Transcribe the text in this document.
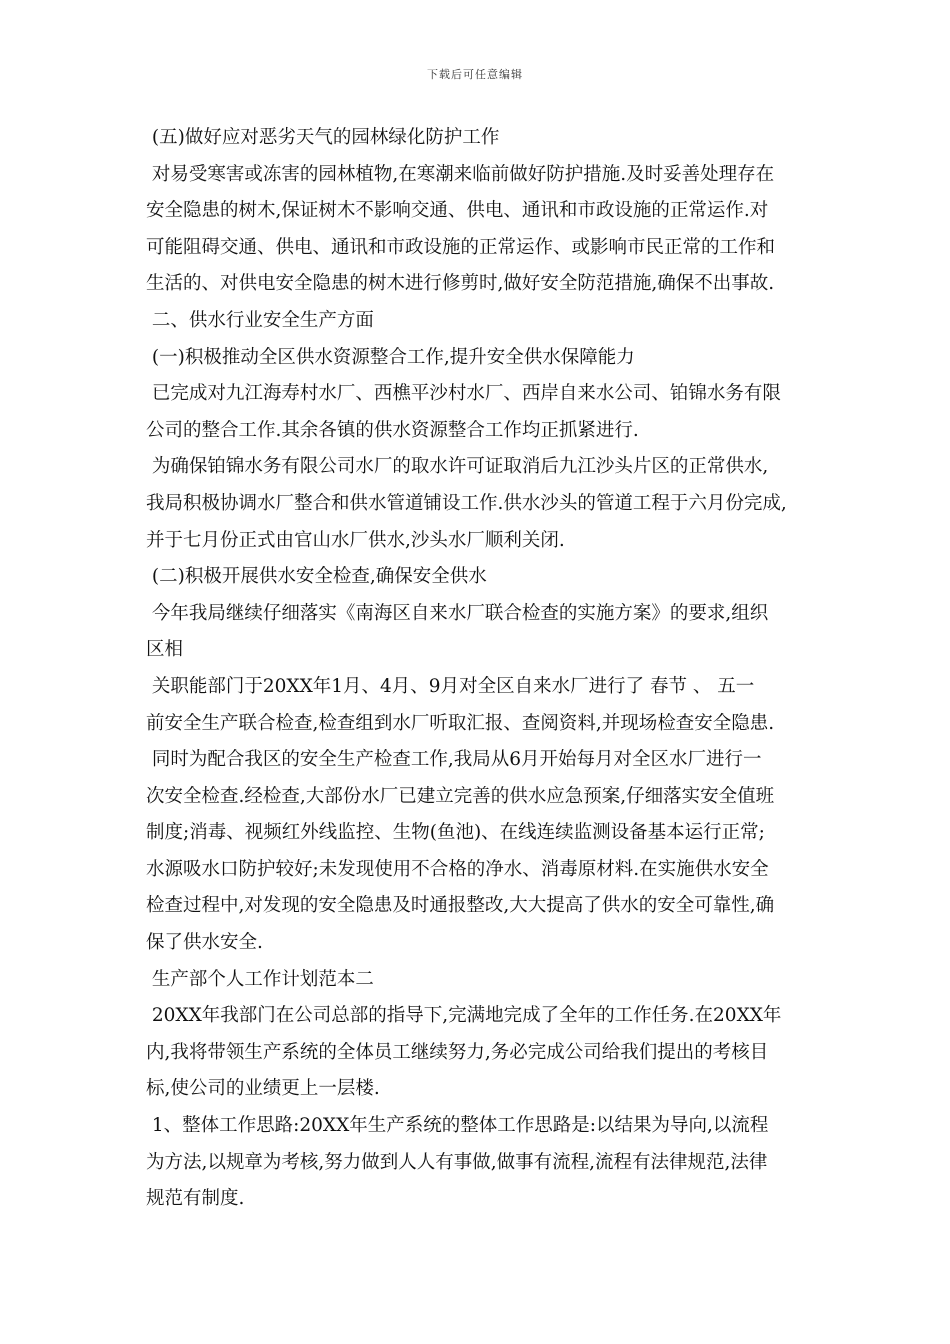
下载后可任意编辑
(五)做好应对恶劣天气的园林绿化防护工作
对易受寒害或冻害的园林植物,在寒潮来临前做好防护措施.及时妥善处理存在
安全隐患的树木,保证树木不影响交通、供电、通讯和市政设施的正常运作.对
可能阻碍交通、供电、通讯和市政设施的正常运作、或影响市民正常的工作和
生活的、对供电安全隐患的树木进行修剪时,做好安全防范措施,确保不出事故.
二、供水行业安全生产方面
(一)积极推动全区供水资源整合工作,提升安全供水保障能力
已完成对九江海寿村水厂、西樵平沙村水厂、西岸自来水公司、铂锦水务有限
公司的整合工作.其余各镇的供水资源整合工作均正抓紧进行.
为确保铂锦水务有限公司水厂的取水许可证取消后九江沙头片区的正常供水,
我局积极协调水厂整合和供水管道铺设工作.供水沙头的管道工程于六月份完成,
并于七月份正式由官山水厂供水,沙头水厂顺利关闭.
(二)积极开展供水安全检查,确保安全供水
今年我局继续仔细落实《南海区自来水厂联合检查的实施方案》的要求,组织
区相
关职能部门于20XX年1月、4月、9月对全区自来水厂进行了 春节 、 五一
前安全生产联合检查,检查组到水厂听取汇报、查阅资料,并现场检查安全隐患.
同时为配合我区的安全生产检查工作,我局从6月开始每月对全区水厂进行一
次安全检查.经检查,大部份水厂已建立完善的供水应急预案,仔细落实安全值班
制度;消毒、视频红外线监控、生物(鱼池)、在线连续监测设备基本运行正常;
水源吸水口防护较好;未发现使用不合格的净水、消毒原材料.在实施供水安全
检查过程中,对发现的安全隐患及时通报整改,大大提高了供水的安全可靠性,确
保了供水安全.
生产部个人工作计划范本二
20XX年我部门在公司总部的指导下,完满地完成了全年的工作任务.在20XX年
内,我将带领生产系统的全体员工继续努力,务必完成公司给我们提出的考核目
标,使公司的业绩更上一层楼.
1、整体工作思路:20XX年生产系统的整体工作思路是:以结果为导向,以流程
为方法,以规章为考核,努力做到人人有事做,做事有流程,流程有法律规范,法律
规范有制度.
